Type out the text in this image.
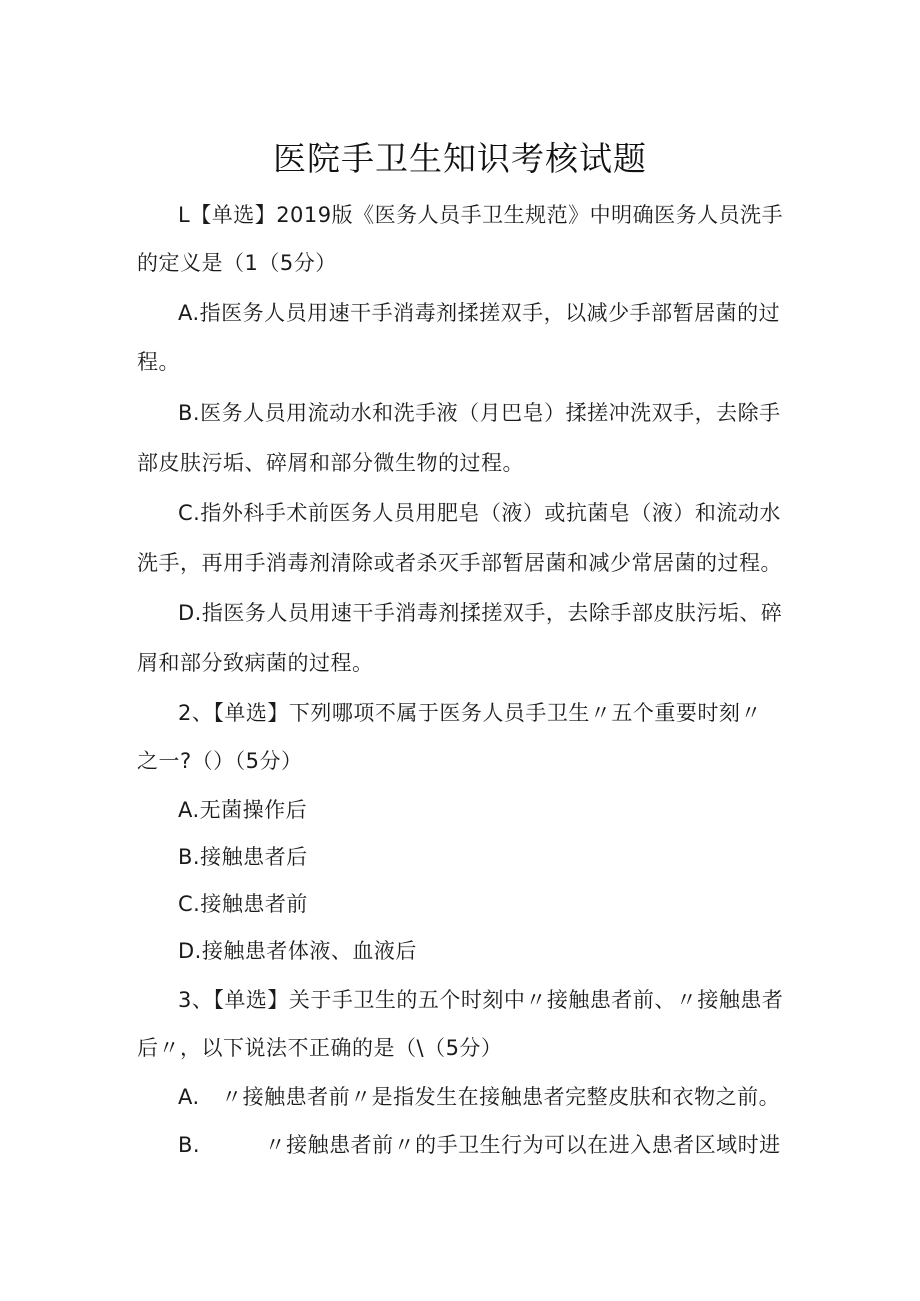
医院手卫生知识考核试题
L【单选】2019版《医务人员手卫生规范》中明确医务人员洗手
的定义是（1（5分）
A.指医务人员用速干手消毒剂揉搓双手，以减少手部暂居菌的过
程。
B.医务人员用流动水和洗手液（月巴皂）揉搓冲洗双手，去除手
部皮肤污垢、碎屑和部分微生物的过程。
C.指外科手术前医务人员用肥皂（液）或抗菌皂（液）和流动水
洗手，再用手消毒剂清除或者杀灭手部暂居菌和减少常居菌的过程。
D.指医务人员用速干手消毒剂揉搓双手，去除手部皮肤污垢、碎
屑和部分致病菌的过程。
2、【单选】下列哪项不属于医务人员手卫生〃五个重要时刻〃
之一?（）（5分）
A.无菌操作后
B.接触患者后
C.接触患者前
D.接触患者体液、血液后
3、【单选】关于手卫生的五个时刻中〃接触患者前、〃接触患者
后〃，以下说法不正确的是（\（5分）
A.　〃接触患者前〃是指发生在接触患者完整皮肤和衣物之前。
B.　　　〃接触患者前〃的手卫生行为可以在进入患者区域时进
